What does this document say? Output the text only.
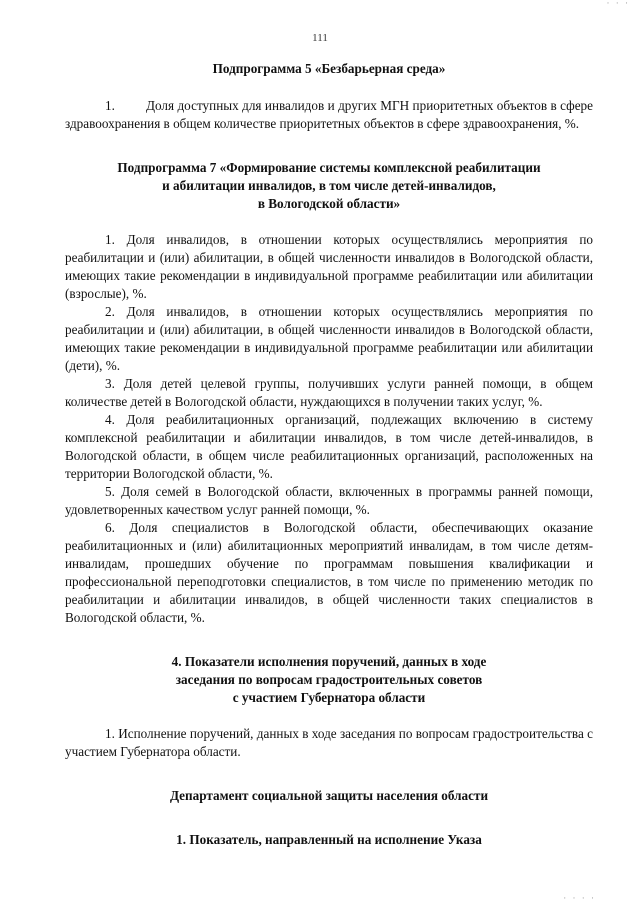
· · ·
111

Подпрограмма 5 «Безбарьерная среда»

1. Доля доступных для инвалидов и других МГН приоритетных объектов в сфере здравоохранения в общем количестве приоритетных объектов в сфере здравоохранения, %.

Подпрограмма 7 «Формирование системы комплексной реабилитации

и абилитации инвалидов, в том числе детей-инвалидов,

в Вологодской области»

1. Доля инвалидов, в отношении которых осуществлялись мероприятия по реабилитации и (или) абилитации, в общей численности инвалидов в Вологодской области, имеющих такие рекомендации в индивидуальной программе реабилитации или абилитации (взрослые), %.

2. Доля инвалидов, в отношении которых осуществлялись мероприятия по реабилитации и (или) абилитации, в общей численности инвалидов в Вологодской области, имеющих такие рекомендации в индивидуальной программе реабилитации или абилитации (дети), %.

3. Доля детей целевой группы, получивших услуги ранней помощи, в общем количестве детей в Вологодской области, нуждающихся в получении таких услуг, %.

4. Доля реабилитационных организаций, подлежащих включению в систему комплексной реабилитации и абилитации инвалидов, в том числе детей-инвалидов, в Вологодской области, в общем числе реабилитационных организаций, расположенных на территории Вологодской области, %.

5. Доля семей в Вологодской области, включенных в программы ранней помощи, удовлетворенных качеством услуг ранней помощи, %.

6. Доля специалистов в Вологодской области, обеспечивающих оказание реабилитационных и (или) абилитационных мероприятий инвалидам, в том числе детям-инвалидам, прошедших обучение по программам повышения квалификации и профессиональной переподготовки специалистов, в том числе по применению методик по реабилитации и абилитации инвалидов, в общей численности таких специалистов в Вологодской области, %.

4. Показатели исполнения поручений, данных в ходе

заседания по вопросам градостроительных советов

с участием Губернатора области

1. Исполнение поручений, данных в ходе заседания по вопросам градостроительства с участием Губернатора области.

Департамент социальной защиты населения области

1. Показатель, направленный на исполнение Указа

· · · ·
